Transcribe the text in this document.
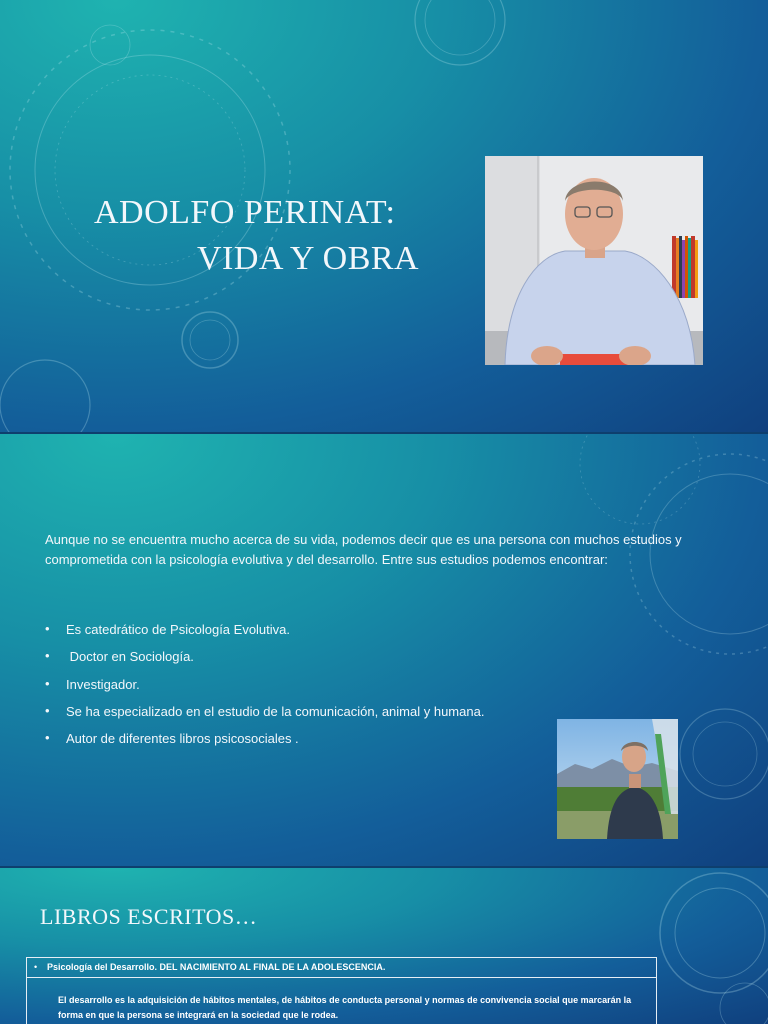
ADOLFO PERINAT:
VIDA Y OBRA
Aunque no se encuentra mucho acerca de su vida, podemos decir que es una persona con muchos estudios y comprometida con la psicología evolutiva y del desarrollo. Entre sus estudios podemos encontrar:
• Es catedrático de Psicología Evolutiva.
•  Doctor en Sociología.
• Investigador.
• Se ha especializado en el estudio de la comunicación, animal y humana.
• Autor de diferentes libros psicosociales .
LIBROS ESCRITOS…
• Psicología del Desarrollo. DEL NACIMIENTO AL FINAL DE LA ADOLESCENCIA.
El desarrollo es la adquisición de hábitos mentales, de hábitos de conducta personal y normas de convivencia social que marcarán la forma en que la persona se integrará en la sociedad que le rodea.
